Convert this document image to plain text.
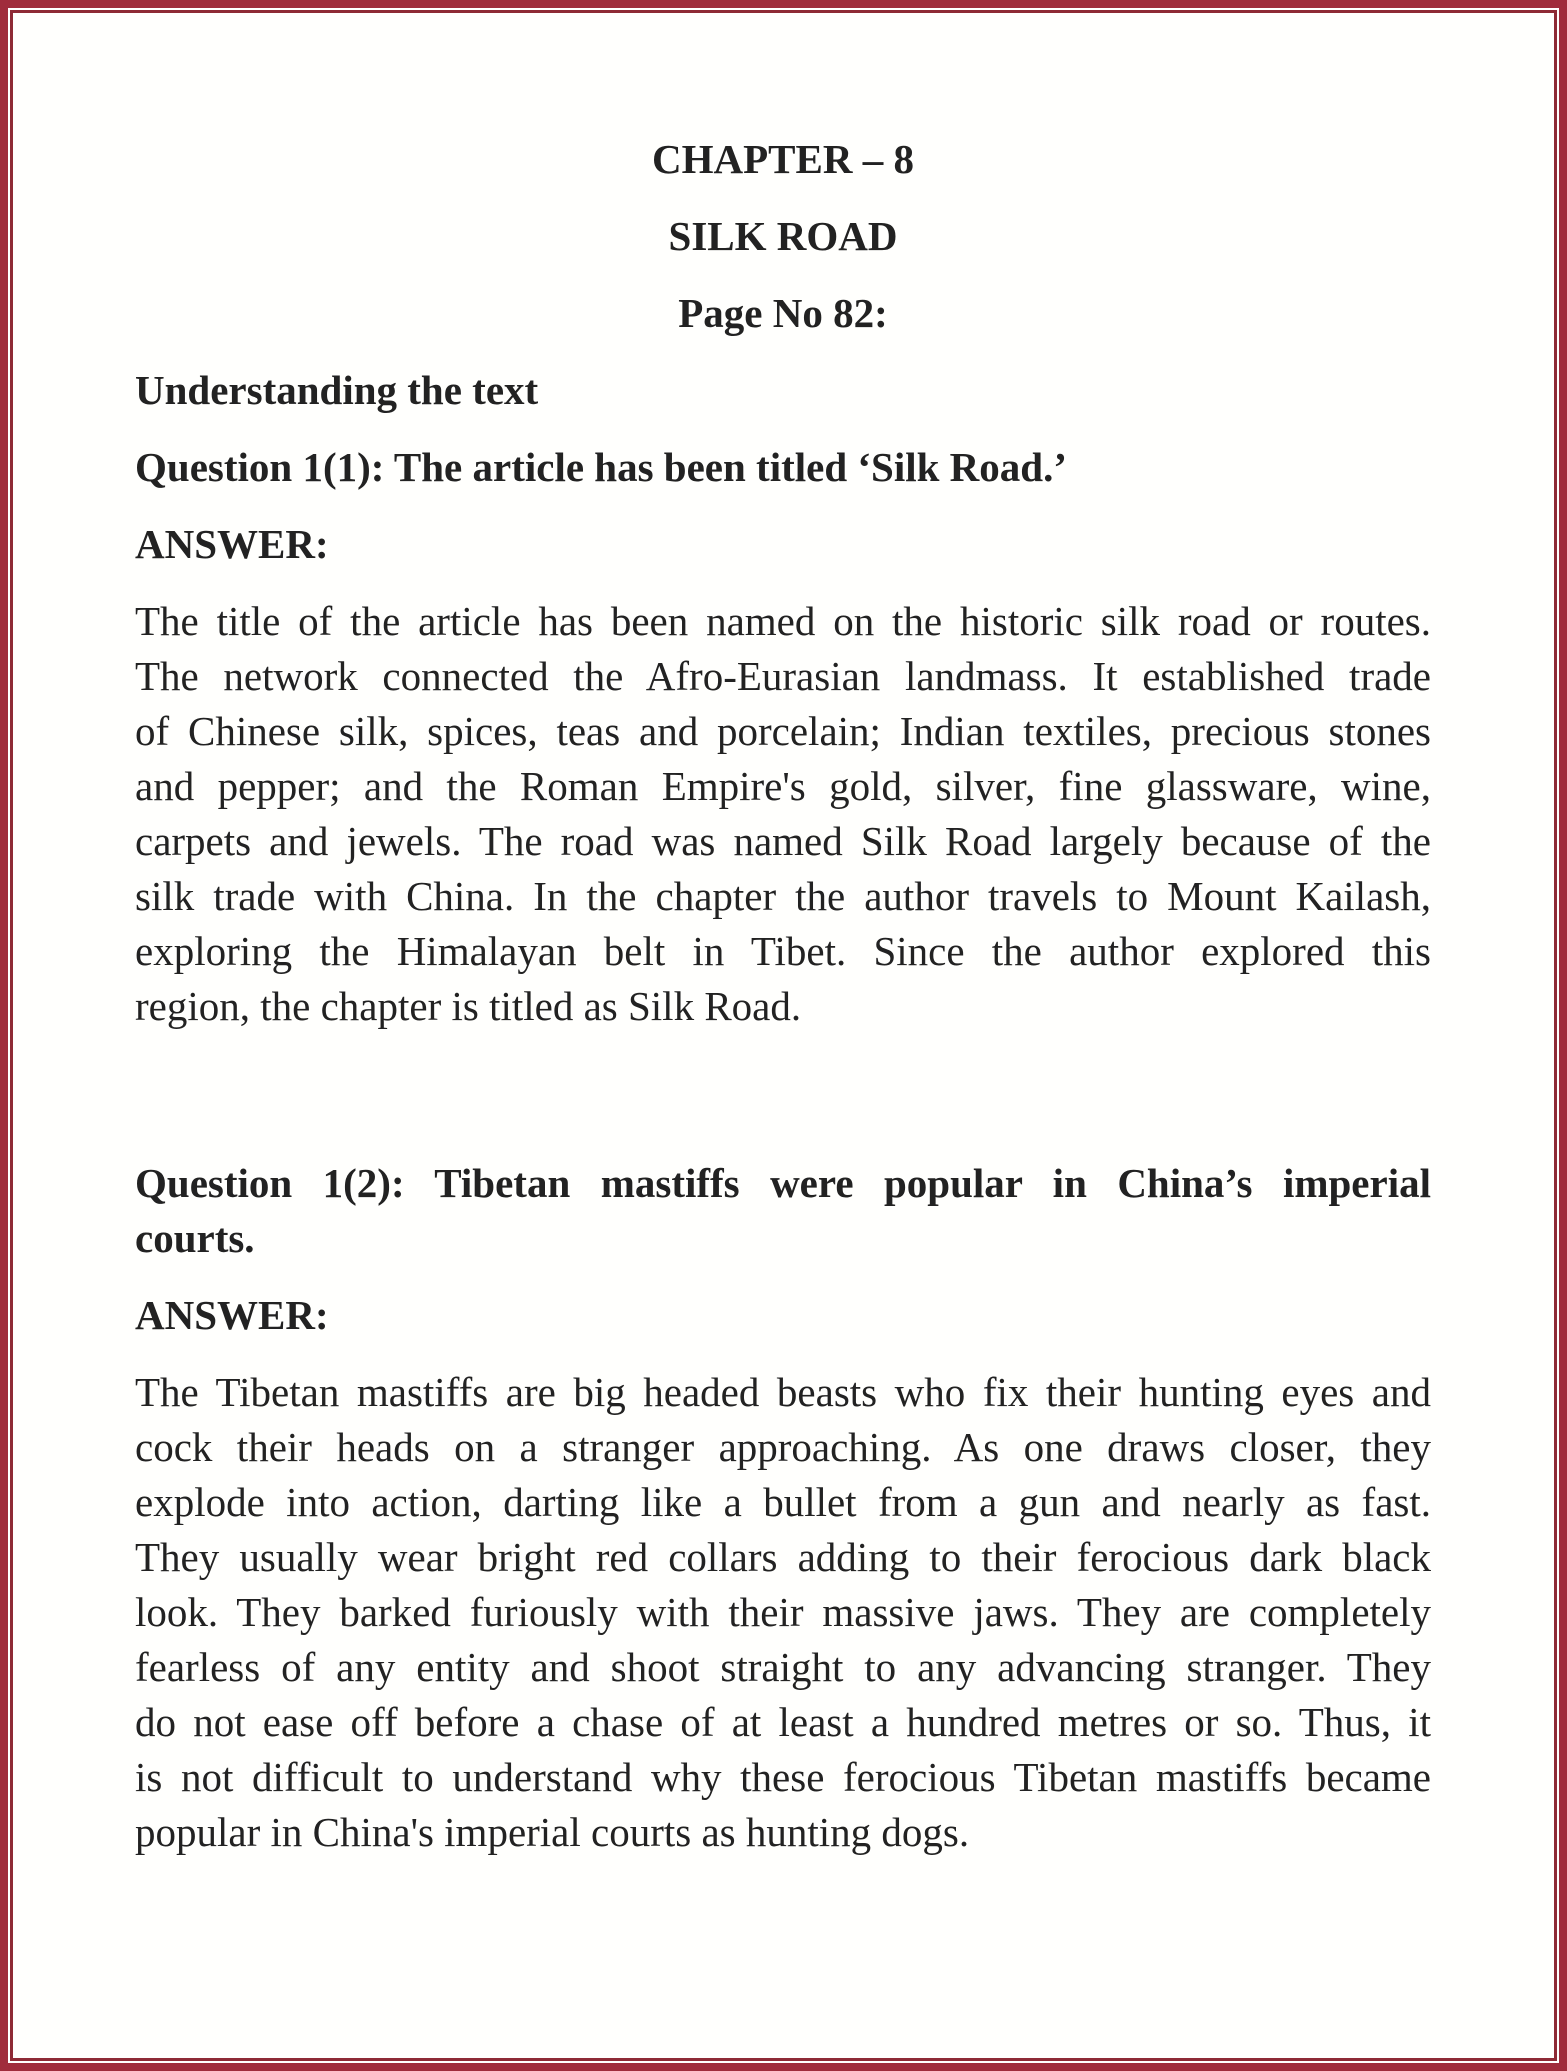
CHAPTER – 8
SILK ROAD
Page No 82:
Understanding the text
Question 1(1): The article has been titled ‘Silk Road.’
ANSWER:
The title of the article has been named on the historic silk road or routes.
The network connected the Afro-Eurasian landmass. It established trade
of Chinese silk, spices, teas and porcelain; Indian textiles, precious stones
and pepper; and the Roman Empire's gold, silver, fine glassware, wine,
carpets and jewels. The road was named Silk Road largely because of the
silk trade with China. In the chapter the author travels to Mount Kailash,
exploring the Himalayan belt in Tibet. Since the author explored this
region, the chapter is titled as Silk Road.
Question 1(2): Tibetan mastiffs were popular in China’s imperial
courts.
ANSWER:
The Tibetan mastiffs are big headed beasts who fix their hunting eyes and
cock their heads on a stranger approaching. As one draws closer, they
explode into action, darting like a bullet from a gun and nearly as fast.
They usually wear bright red collars adding to their ferocious dark black
look. They barked furiously with their massive jaws. They are completely
fearless of any entity and shoot straight to any advancing stranger. They
do not ease off before a chase of at least a hundred metres or so. Thus, it
is not difficult to understand why these ferocious Tibetan mastiffs became
popular in China's imperial courts as hunting dogs.
